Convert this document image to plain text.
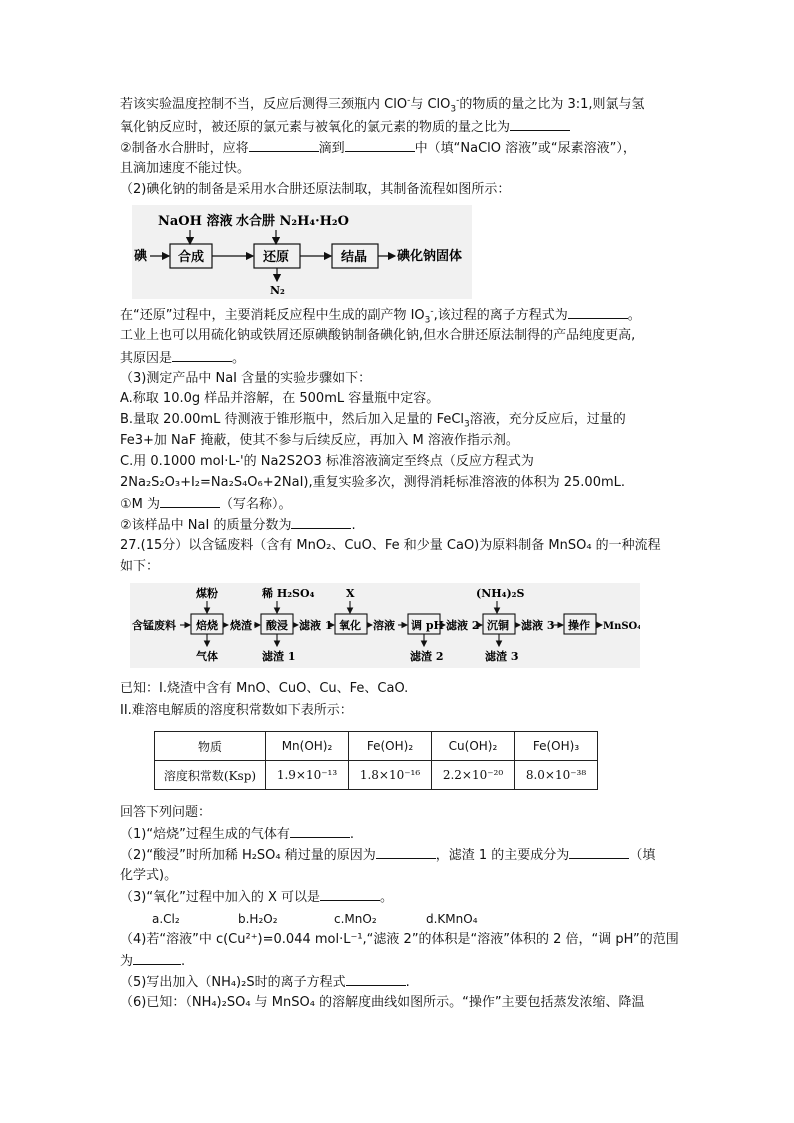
若该实验温度控制不当，反应后测得三颈瓶内 ClO-与 ClO$_3$-的物质的量之比为 3:1,则氯与氢
氧化钠反应时，被还原的氯元素与被氧化的氯元素的物质的量之比为
②制备水合肼时，应将	滴到	中（填“NaClO 溶液”或“尿素溶液”），
且滴加速度不能过快。
（2)碘化钠的制备是采用水合肼还原法制取，其制备流程如图所示：
NaOH 溶液 水合肼 N₂H₄·H₂O
碘 合成	还原
N₂
结晶 碘化钠固体
在“还原”过程中，主要消耗反应程中生成的副产物 $IO_3^-$,该过程的离子方程式为	。
工业上也可以用硫化钠或铁屑还原碘酸钠制备碘化钠,但水合肼还原法制得的产品纯度更高,
其原因是	。
（3)测定产品中 NaI 含量的实验步骤如下：
A.称取 10.0g 样品并溶解，在 500mL 容量瓶中定容。
B.量取 20.00mL 待测液于锥形瓶中，然后加入足量的 FeCl$_3$溶液，充分反应后，过量的
Fe3+加 NaF 掩蔽，使其不参与后续反应，再加入 M 溶液作指示剂。
C.用 0.1000 mol·L-'的 Na2S2O3 标准溶液滴定至终点（反应方程式为
2Na₂S₂O₃+I₂=Na₂S₄O₆+2NaI),重复实验多次，测得消耗标准溶液的体积为 25.00mL.
①M 为	（写名称）。
②该样品中 NaI 的质量分数为	.
27.(15分）以含锰废料（含有 MnO₂、CuO、Fe 和少量 CaO)为原料制备 MnSO₄ 的一种流程
如下：
煤粉	稀 H₂SO₄	X	(NH₄)₂S
含锰废料 焙烧 烧渣 酸浸 滤液 1 氧化 溶液 调 pH 滤液 2 沉铜 滤液 3 操作 MnSO₄
气体	滤渣 1	滤渣 2	滤渣 3
已知：I.烧渣中含有 MnO、CuO、Cu、Fe、CaO.
II.难溶电解质的溶度积常数如下表所示：
物质	Mn(OH)₂	Fe(OH)₂	Cu(OH)₂	Fe(OH)₃
溶度积常数(Ksp)	1.9×10⁻¹³	1.8×10⁻¹⁶	2.2×10⁻²⁰	8.0×10⁻³⁸
回答下列问题：
（1)“焙烧”过程生成的气体有	.
（2)“酸浸”时所加稀 H₂SO₄ 稍过量的原因为	，滤渣 1 的主要成分为	（填
化学式)。
（3)“氧化”过程中加入的 X 可以是	。
a.Cl₂	b.H₂O₂	c.MnO₂	d.KMnO₄
（4)若“溶液”中 c(Cu²⁺)=0.044 mol·L⁻¹,“滤液 2”的体积是“溶液”体积的 2 倍，“调 pH”的范围
为	.
（5)写出加入（NH₄)₂S时的离子方程式	.
（6)已知：（NH₄)₂SO₄ 与 MnSO₄ 的溶解度曲线如图所示。“操作”主要包括蒸发浓缩、降温
